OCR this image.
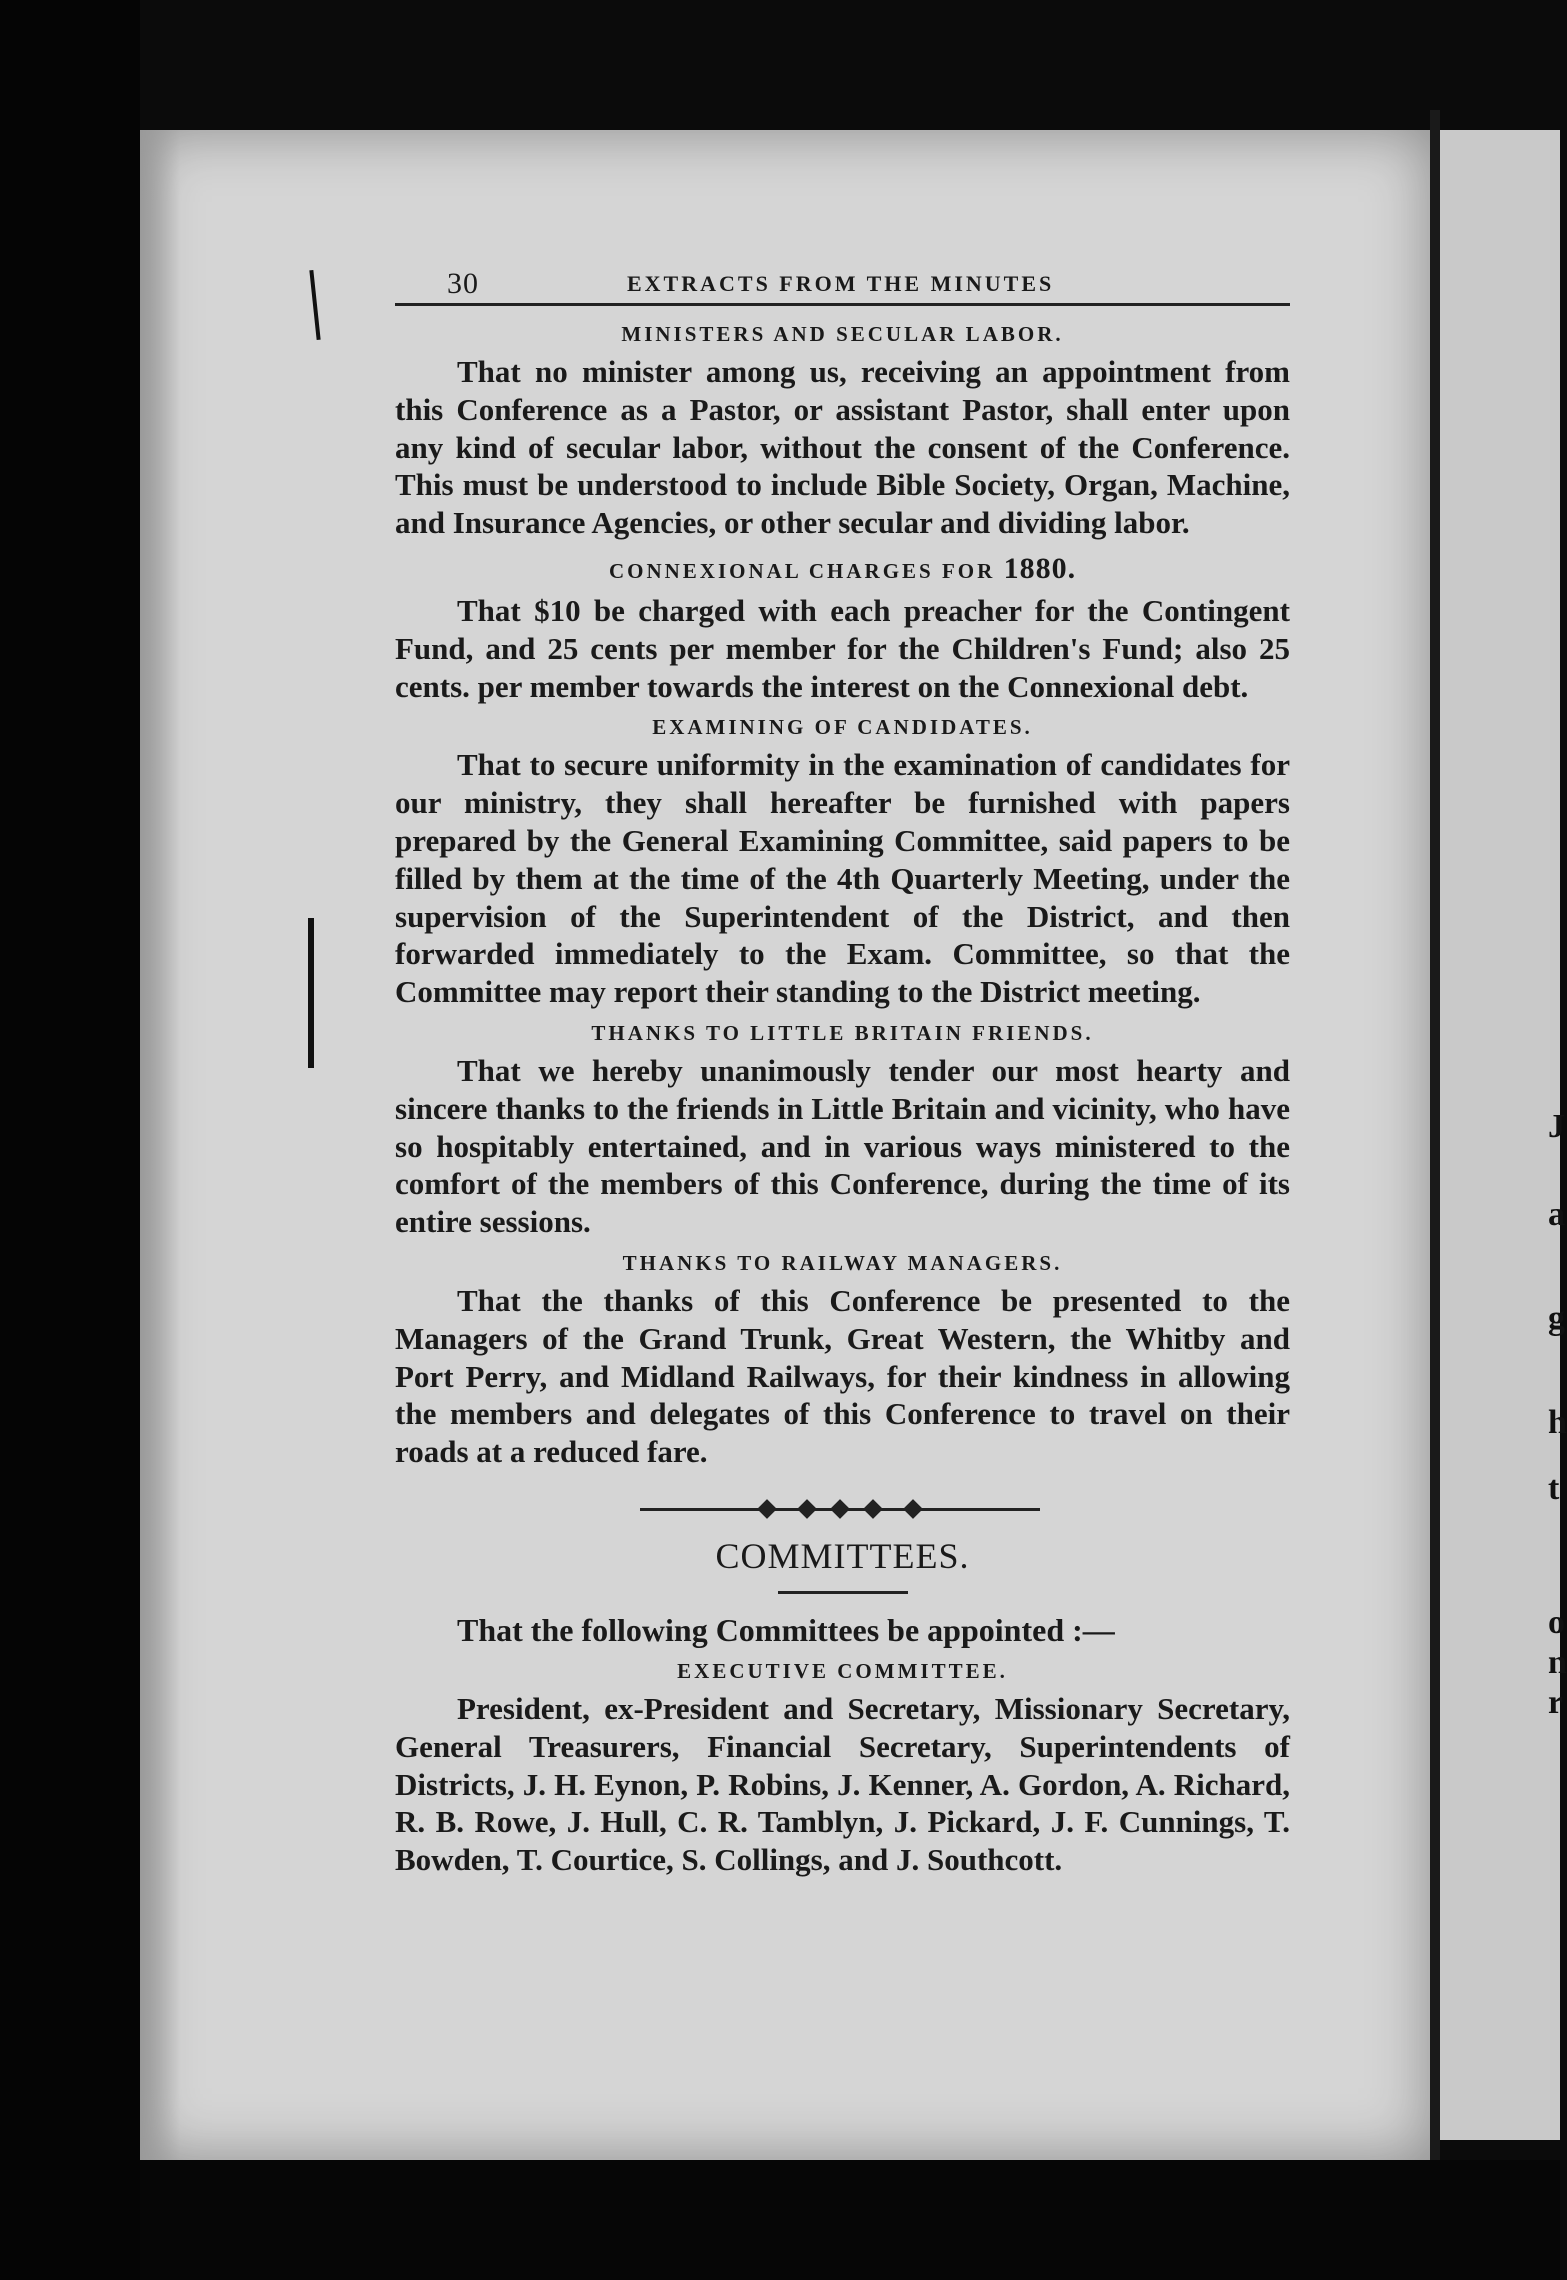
J
a
g
h
t
o
n
r
30	EXTRACTS FROM THE MINUTES
MINISTERS AND SECULAR LABOR.

That no minister among us, receiving an appointment from this Conference as a Pastor, or assistant Pastor, shall enter upon any kind of secular labor, without the consent of the Conference. This must be understood to include Bible Society, Organ, Machine, and Insurance Agencies, or other secular and dividing labor.

CONNEXIONAL CHARGES FOR 1880.

That $10 be charged with each preacher for the Contingent Fund, and 25 cents per member for the Children's Fund; also 25 cents. per member towards the interest on the Connexional debt.

EXAMINING OF CANDIDATES.

That to secure uniformity in the examination of candidates for our ministry, they shall hereafter be furnished with papers prepared by the General Examining Committee, said papers to be filled by them at the time of the 4th Quarterly Meeting, under the supervision of the Superintendent of the District, and then forwarded immediately to the Exam. Committee, so that the Committee may report their standing to the District meeting.

THANKS TO LITTLE BRITAIN FRIENDS.

That we hereby unanimously tender our most hearty and sincere thanks to the friends in Little Britain and vicinity, who have so hospitably entertained, and in various ways ministered to the comfort of the members of this Conference, during the time of its entire sessions.

THANKS TO RAILWAY MANAGERS.

That the thanks of this Conference be presented to the Managers of the Grand Trunk, Great Western, the Whitby and Port Perry, and Midland Railways, for their kindness in allowing the members and delegates of this Conference to travel on their roads at a reduced fare.

COMMITTEES.

That the following Committees be appointed :—

EXECUTIVE COMMITTEE.

President, ex-President and Secretary, Missionary Secretary, General Treasurers, Financial Secretary, Superintendents of Districts, J. H. Eynon, P. Robins, J. Kenner, A. Gordon, A. Richard, R. B. Rowe, J. Hull, C. R. Tamblyn, J. Pickard, J. F. Cunnings, T. Bowden, T. Courtice, S. Collings, and J. Southcott.
